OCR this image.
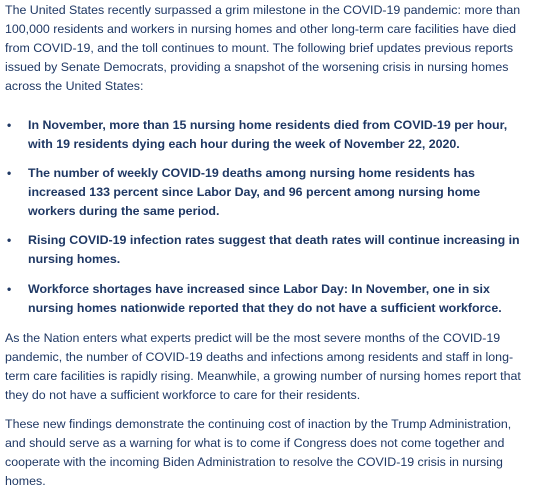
The United States recently surpassed a grim milestone in the COVID-19 pandemic: more than 100,000 residents and workers in nursing homes and other long-term care facilities have died from COVID-19, and the toll continues to mount. The following brief updates previous reports issued by Senate Democrats, providing a snapshot of the worsening crisis in nursing homes across the United States:

• In November, more than 15 nursing home residents died from COVID-19 per hour, with 19 residents dying each hour during the week of November 22, 2020.
• The number of weekly COVID-19 deaths among nursing home residents has increased 133 percent since Labor Day, and 96 percent among nursing home workers during the same period.
• Rising COVID-19 infection rates suggest that death rates will continue increasing in nursing homes.
• Workforce shortages have increased since Labor Day: In November, one in six nursing homes nationwide reported that they do not have a sufficient workforce.

As the Nation enters what experts predict will be the most severe months of the COVID-19 pandemic, the number of COVID-19 deaths and infections among residents and staff in long-term care facilities is rapidly rising. Meanwhile, a growing number of nursing homes report that they do not have a sufficient workforce to care for their residents.

These new findings demonstrate the continuing cost of inaction by the Trump Administration, and should serve as a warning for what is to come if Congress does not come together and cooperate with the incoming Biden Administration to resolve the COVID-19 crisis in nursing homes.
